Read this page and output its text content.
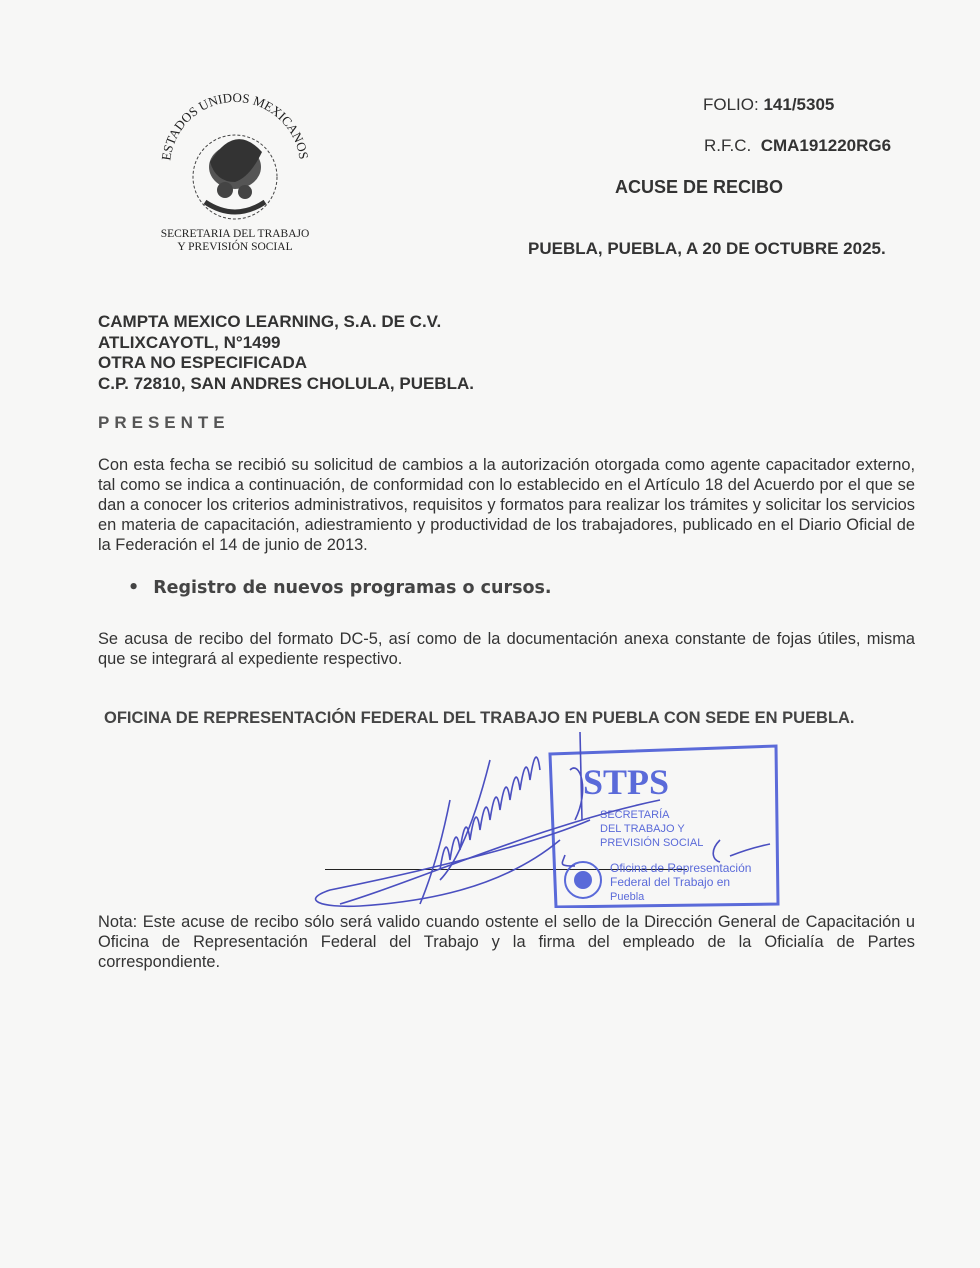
ESTADOS UNIDOS MEXICANOS
SECRETARIA DEL TRABAJO
Y PREVISIÓN SOCIAL
FOLIO: 141/5305
R.F.C. CMA191220RG6
ACUSE DE RECIBO
PUEBLA, PUEBLA, A 20 DE OCTUBRE 2025.
CAMPTA MEXICO LEARNING, S.A. DE C.V.
ATLIXCAYOTL, N°1499
OTRA NO ESPECIFICADA
C.P. 72810, SAN ANDRES CHOLULA, PUEBLA.
PRESENTE
Con esta fecha se recibió su solicitud de cambios a la autorización otorgada como agente capacitador externo, tal como se indica a continuación, de conformidad con lo establecido en el Artículo 18 del Acuerdo por el que se dan a conocer los criterios administrativos, requisitos y formatos para realizar los trámites y solicitar los servicios en materia de capacitación, adiestramiento y productividad de los trabajadores, publicado en el Diario Oficial de la Federación el 14 de junio de 2013.
• Registro de nuevos programas o cursos.
Se acusa de recibo del formato DC-5, así como de la documentación anexa constante de fojas útiles, misma que se integrará al expediente respectivo.
OFICINA DE REPRESENTACIÓN FEDERAL DEL TRABAJO EN PUEBLA CON SEDE EN PUEBLA.
Nota: Este acuse de recibo sólo será valido cuando ostente el sello de la Dirección General de Capacitación u Oficina de Representación Federal del Trabajo y la firma del empleado de la Oficialía de Partes correspondiente.
STPS
SECRETARÍA
DEL TRABAJO Y
PREVISIÓN SOCIAL
Oficina de Representación
Federal del Trabajo en
Puebla
